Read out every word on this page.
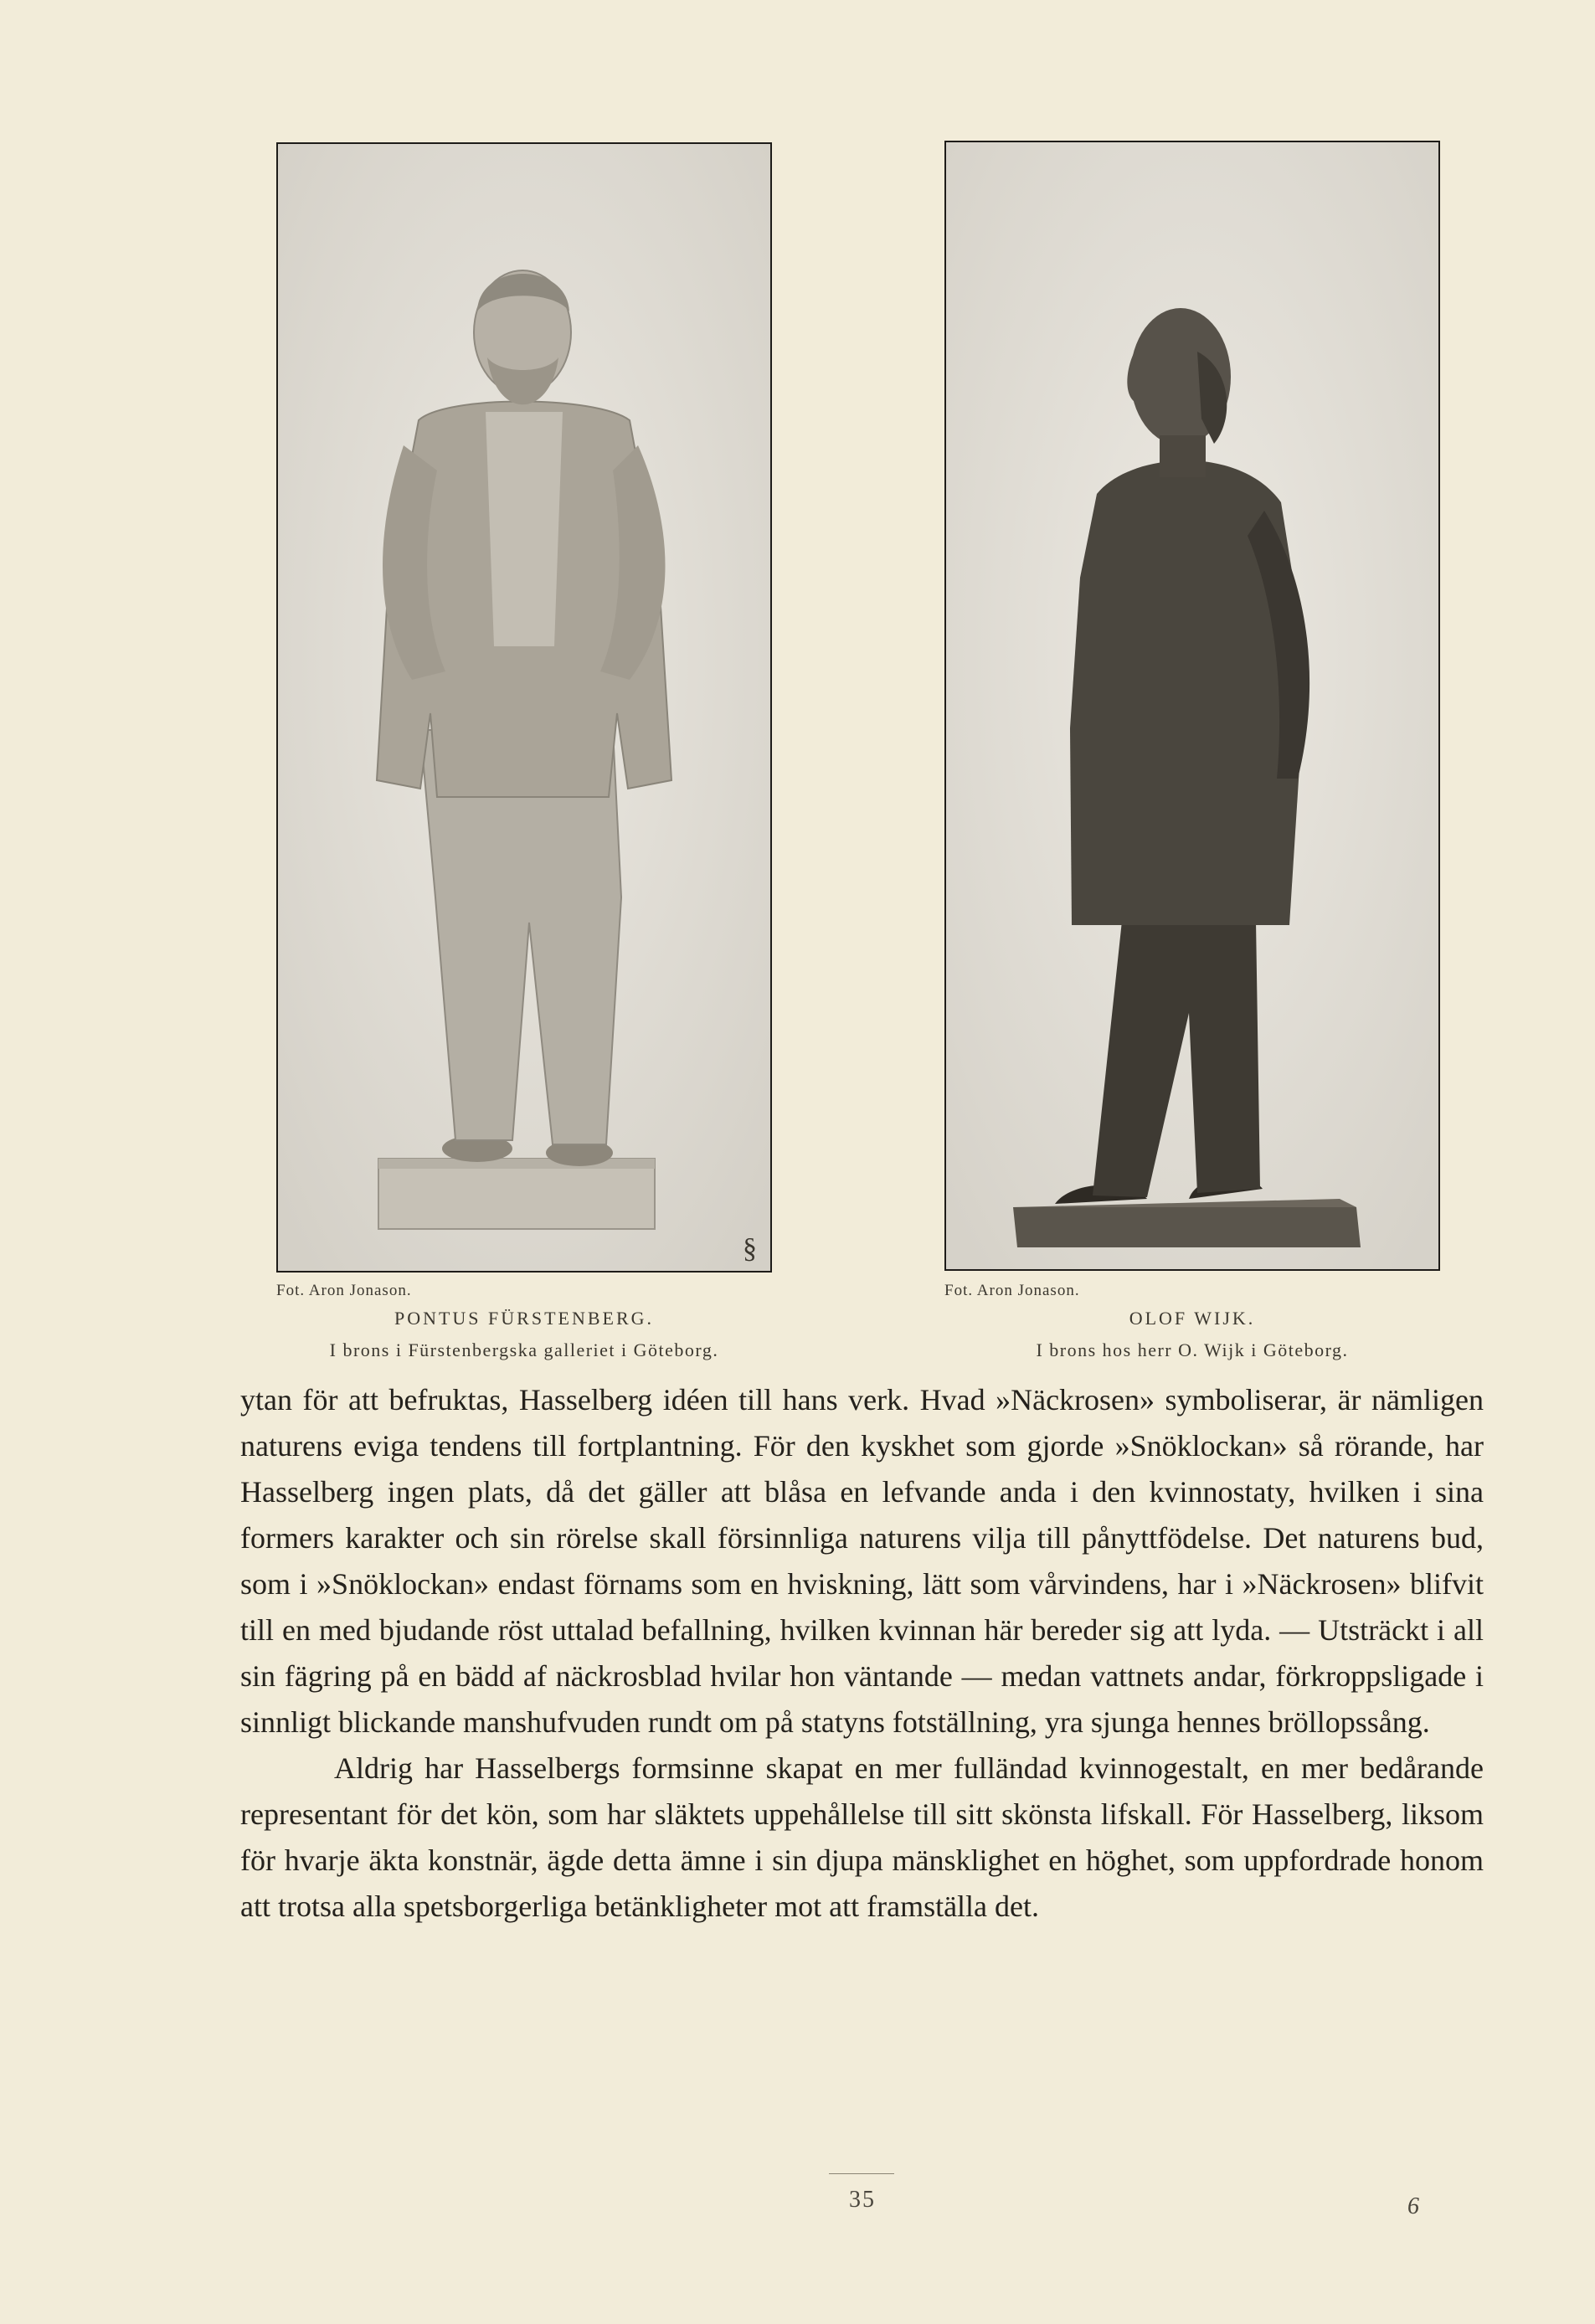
§
Fot. Aron Jonason.	Fot. Aron Jonason.
PONTUS FÜRSTENBERG.	OLOF WIJK.
I brons i Fürstenbergska galleriet i Göteborg.	I brons hos herr O. Wijk i Göteborg.

ytan för att befruktas, Hasselberg idéen till hans verk. Hvad »Näckrosen» symboliserar, är nämligen naturens eviga tendens till fortplantning. För den kyskhet som gjorde »Snöklockan» så rörande, har Hasselberg ingen plats, då det gäller att blåsa en lefvande anda i den kvinnostaty, hvilken i sina formers karakter och sin rörelse skall försinnliga naturens vilja till pånyttfödelse. Det naturens bud, som i »Snöklockan» endast förnams som en hviskning, lätt som vårvindens, har i »Näckrosen» blifvit till en med bjudande röst uttalad befallning, hvilken kvinnan här bereder sig att lyda. — Utsträckt i all sin fägring på en bädd af näckrosblad hvilar hon väntande — medan vattnets andar, förkroppsligade i sinnligt blickande manshufvuden rundt om på statyns fotställning, yra sjunga hennes bröllopssång.

Aldrig har Hasselbergs formsinne skapat en mer fulländad kvinnogestalt, en mer bedårande representant för det kön, som har släktets uppehållelse till sitt skönsta lifskall. För Hasselberg, liksom för hvarje äkta konstnär, ägde detta ämne i sin djupa mänsklighet en höghet, som uppfordrade honom att trotsa alla spetsborgerliga betänkligheter mot att framställa det.

35	6
